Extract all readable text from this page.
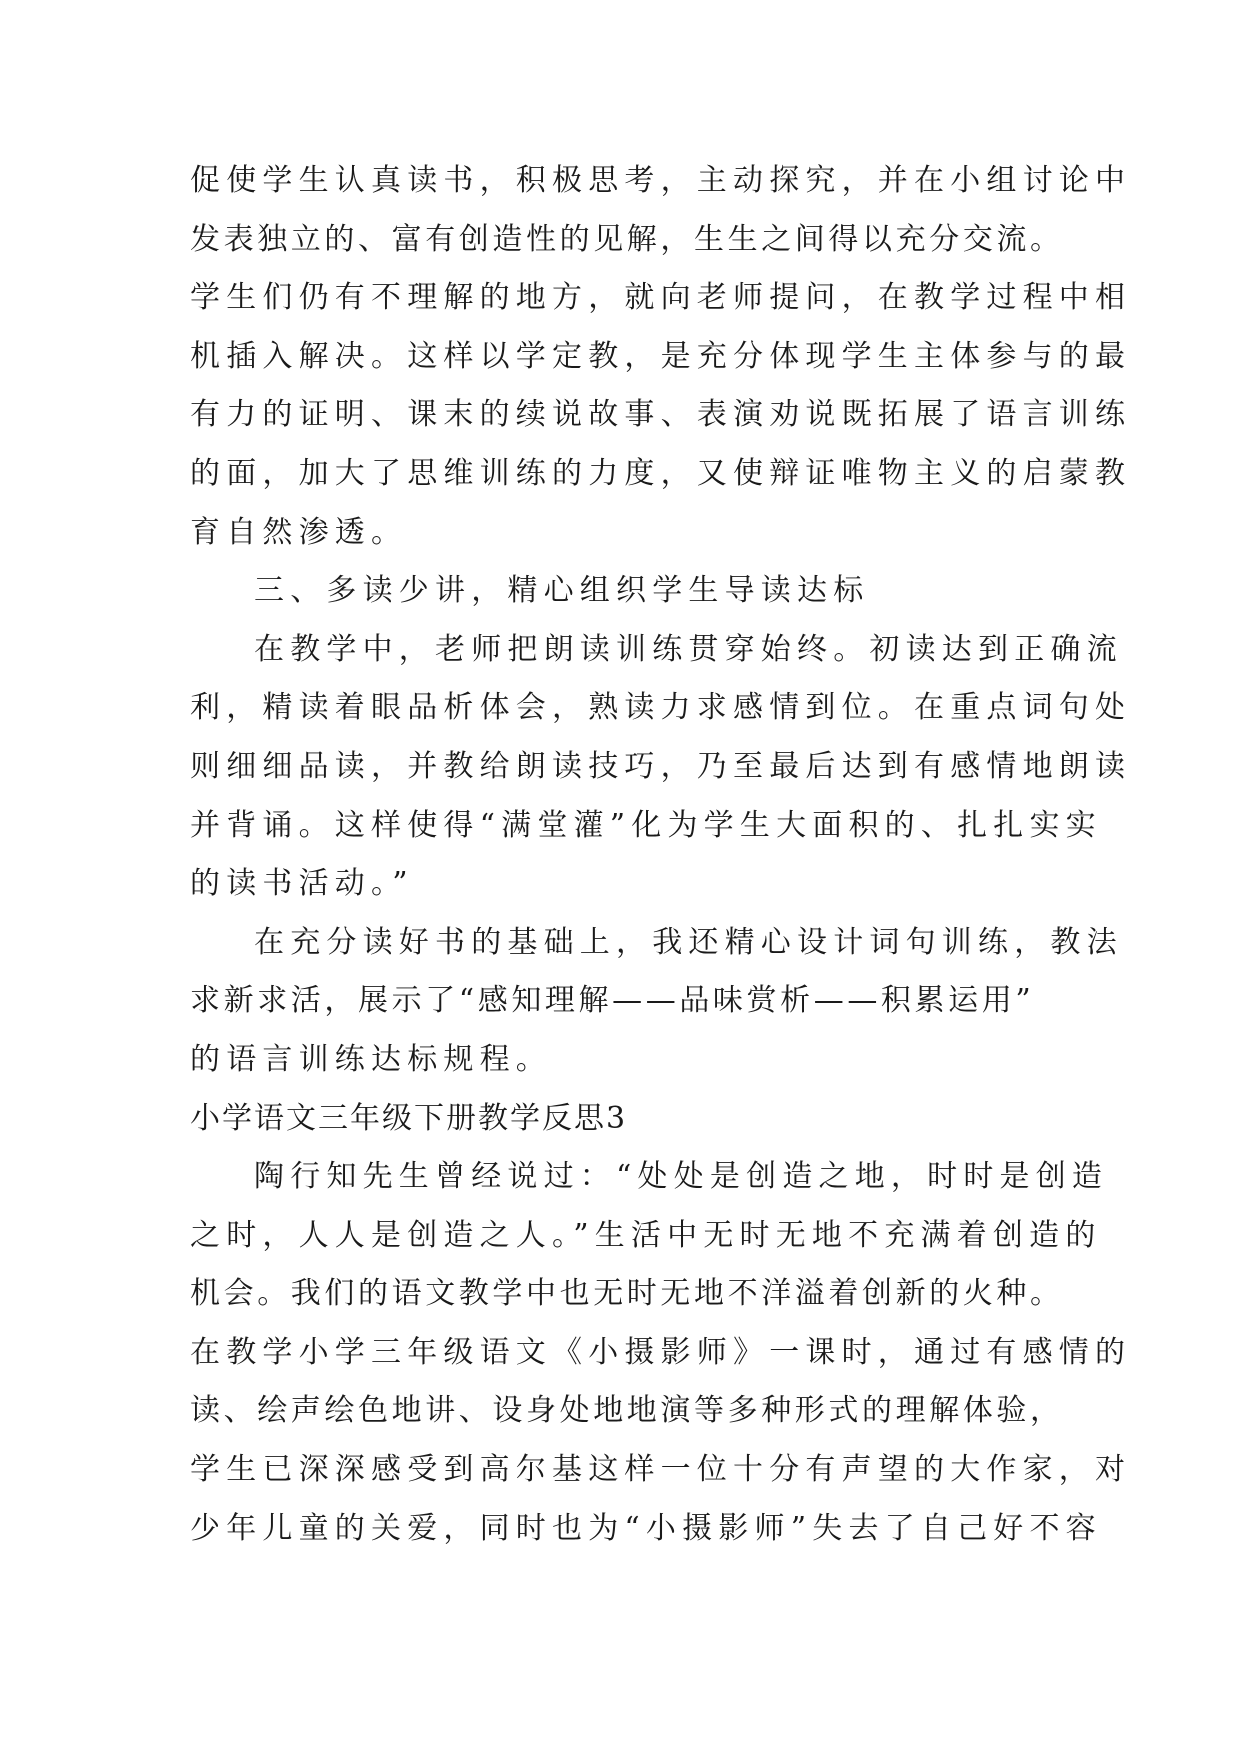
促使学生认真读书，积极思考，主动探究，并在小组讨论中
发表独立的、富有创造性的见解，生生之间得以充分交流。
学生们仍有不理解的地方，就向老师提问，在教学过程中相
机插入解决。这样以学定教，是充分体现学生主体参与的最
有力的证明、课末的续说故事、表演劝说既拓展了语言训练
的面，加大了思维训练的力度，又使辩证唯物主义的启蒙教
育自然渗透。
三、多读少讲，精心组织学生导读达标
在教学中，老师把朗读训练贯穿始终。初读达到正确流
利，精读着眼品析体会，熟读力求感情到位。在重点词句处
则细细品读，并教给朗读技巧，乃至最后达到有感情地朗读
并背诵。这样使得“满堂灌”化为学生大面积的、扎扎实实
的读书活动。”
在充分读好书的基础上，我还精心设计词句训练，教法
求新求活，展示了“感知理解——品味赏析——积累运用”
的语言训练达标规程。
小学语文三年级下册教学反思3
陶行知先生曾经说过：“处处是创造之地，时时是创造
之时，人人是创造之人。”生活中无时无地不充满着创造的
机会。我们的语文教学中也无时无地不洋溢着创新的火种。
在教学小学三年级语文《小摄影师》一课时，通过有感情的
读、绘声绘色地讲、设身处地地演等多种形式的理解体验，
学生已深深感受到高尔基这样一位十分有声望的大作家，对
少年儿童的关爱，同时也为“小摄影师”失去了自己好不容
